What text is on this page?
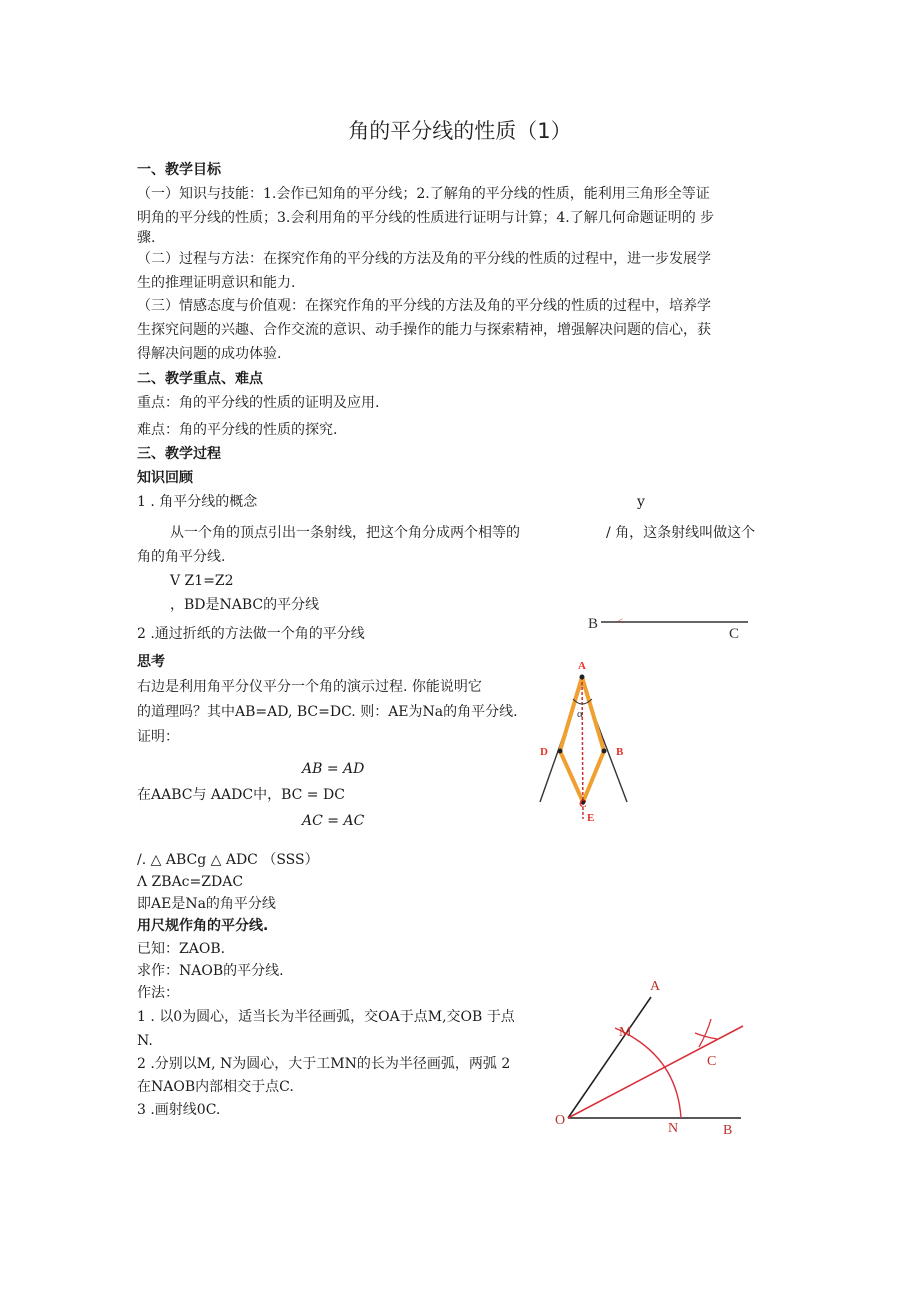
角的平分线的性质（1）
一、教学目标
（一）知识与技能：1.会作已知角的平分线；2.了解角的平分线的性质，能利用三角形全等证
明角的平分线的性质；3.会利用角的平分线的性质进行证明与计算；4.了解几何命题证明的 步
骤.
（二）过程与方法：在探究作角的平分线的方法及角的平分线的性质的过程中，进一步发展学
生的推理证明意识和能力.
（三）情感态度与价值观：在探究作角的平分线的方法及角的平分线的性质的过程中，培养学
生探究问题的兴趣、合作交流的意识、动手操作的能力与探索精神，增强解决问题的信心，获
得解决问题的成功体验.
二、教学重点、难点
重点：角的平分线的性质的证明及应用.
难点：角的平分线的性质的探究.
三、教学过程
知识回顾
1 . 角平分线的概念	y
从一个角的顶点引出一条射线，把这个角分成两个相等的	/ 角，这条射线叫做这个
角的角平分线.
V Z1=Z2
，BD是NABC的平分线
2 .通过折纸的方法做一个角的平分线
思考
右边是利用角平分仪平分一个角的演示过程. 你能说明它
的道理吗？其中AB=AD, BC=DC. 则：AE为Na的角平分线.
证明：
AB = AD
在AABC与 AADC中，BC = DC
AC = AC
/. △ ABCg △ ADC （SSS）
Λ ZBAc=ZDAC
即AE是Na的角平分线
用尺规作角的平分线.
已知：ZAOB.
求作：NAOB的平分线.
作法：
1 . 以0为圆心，适当长为半径画弧，交OA于点M,交OB 于点
N.
2 .分别以M, N为圆心，大于工MN的长为半径画弧，两弧 2
在NAOB内部相交于点C.
3 .画射线0C.
B <
C
α
A
D	B
C
E
A
M
C
O
N	B
